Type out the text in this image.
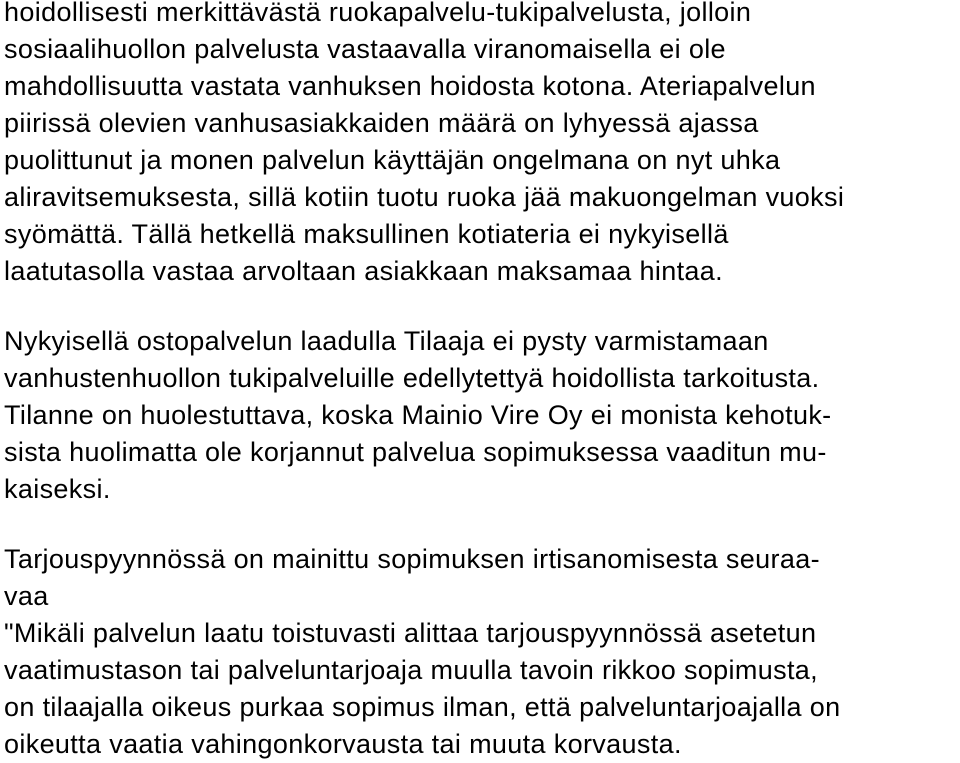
hoidollisesti merkittävästä ruokapalvelu-tukipalvelusta, jolloin
sosiaalihuollon palvelusta vastaavalla viranomaisella ei ole
mahdollisuutta vastata vanhuksen hoidosta kotona. Ateriapalvelun
piirissä olevien vanhusasiakkaiden määrä on lyhyessä ajassa
puolittunut ja monen palvelun käyttäjän ongelmana on nyt uhka
aliravitsemuksesta, sillä kotiin tuotu ruoka jää makuongelman vuoksi
syömättä. Tällä hetkellä maksullinen kotiateria ei nykyisellä
laatutasolla vastaa arvoltaan asiakkaan maksamaa hintaa.
Nykyisellä ostopalvelun laadulla Tilaaja ei pysty varmistamaan
vanhustenhuollon tukipalveluille edellytettyä hoidollista tarkoitusta.
Tilanne on huolestuttava, koska Mainio Vire Oy ei monista kehotuk-
sista huolimatta ole korjannut palvelua sopimuksessa vaaditun mu-
kaiseksi.
Tarjouspyynnössä on mainittu sopimuksen irtisanomisesta seuraa-
vaa
"Mikäli palvelun laatu toistuvasti alittaa tarjouspyynnössä asetetun
vaatimustason tai palveluntarjoaja muulla tavoin rikkoo sopimusta,
on tilaajalla oikeus purkaa sopimus ilman, että palveluntarjoajalla on
oikeutta vaatia vahingonkorvausta tai muuta korvausta.
